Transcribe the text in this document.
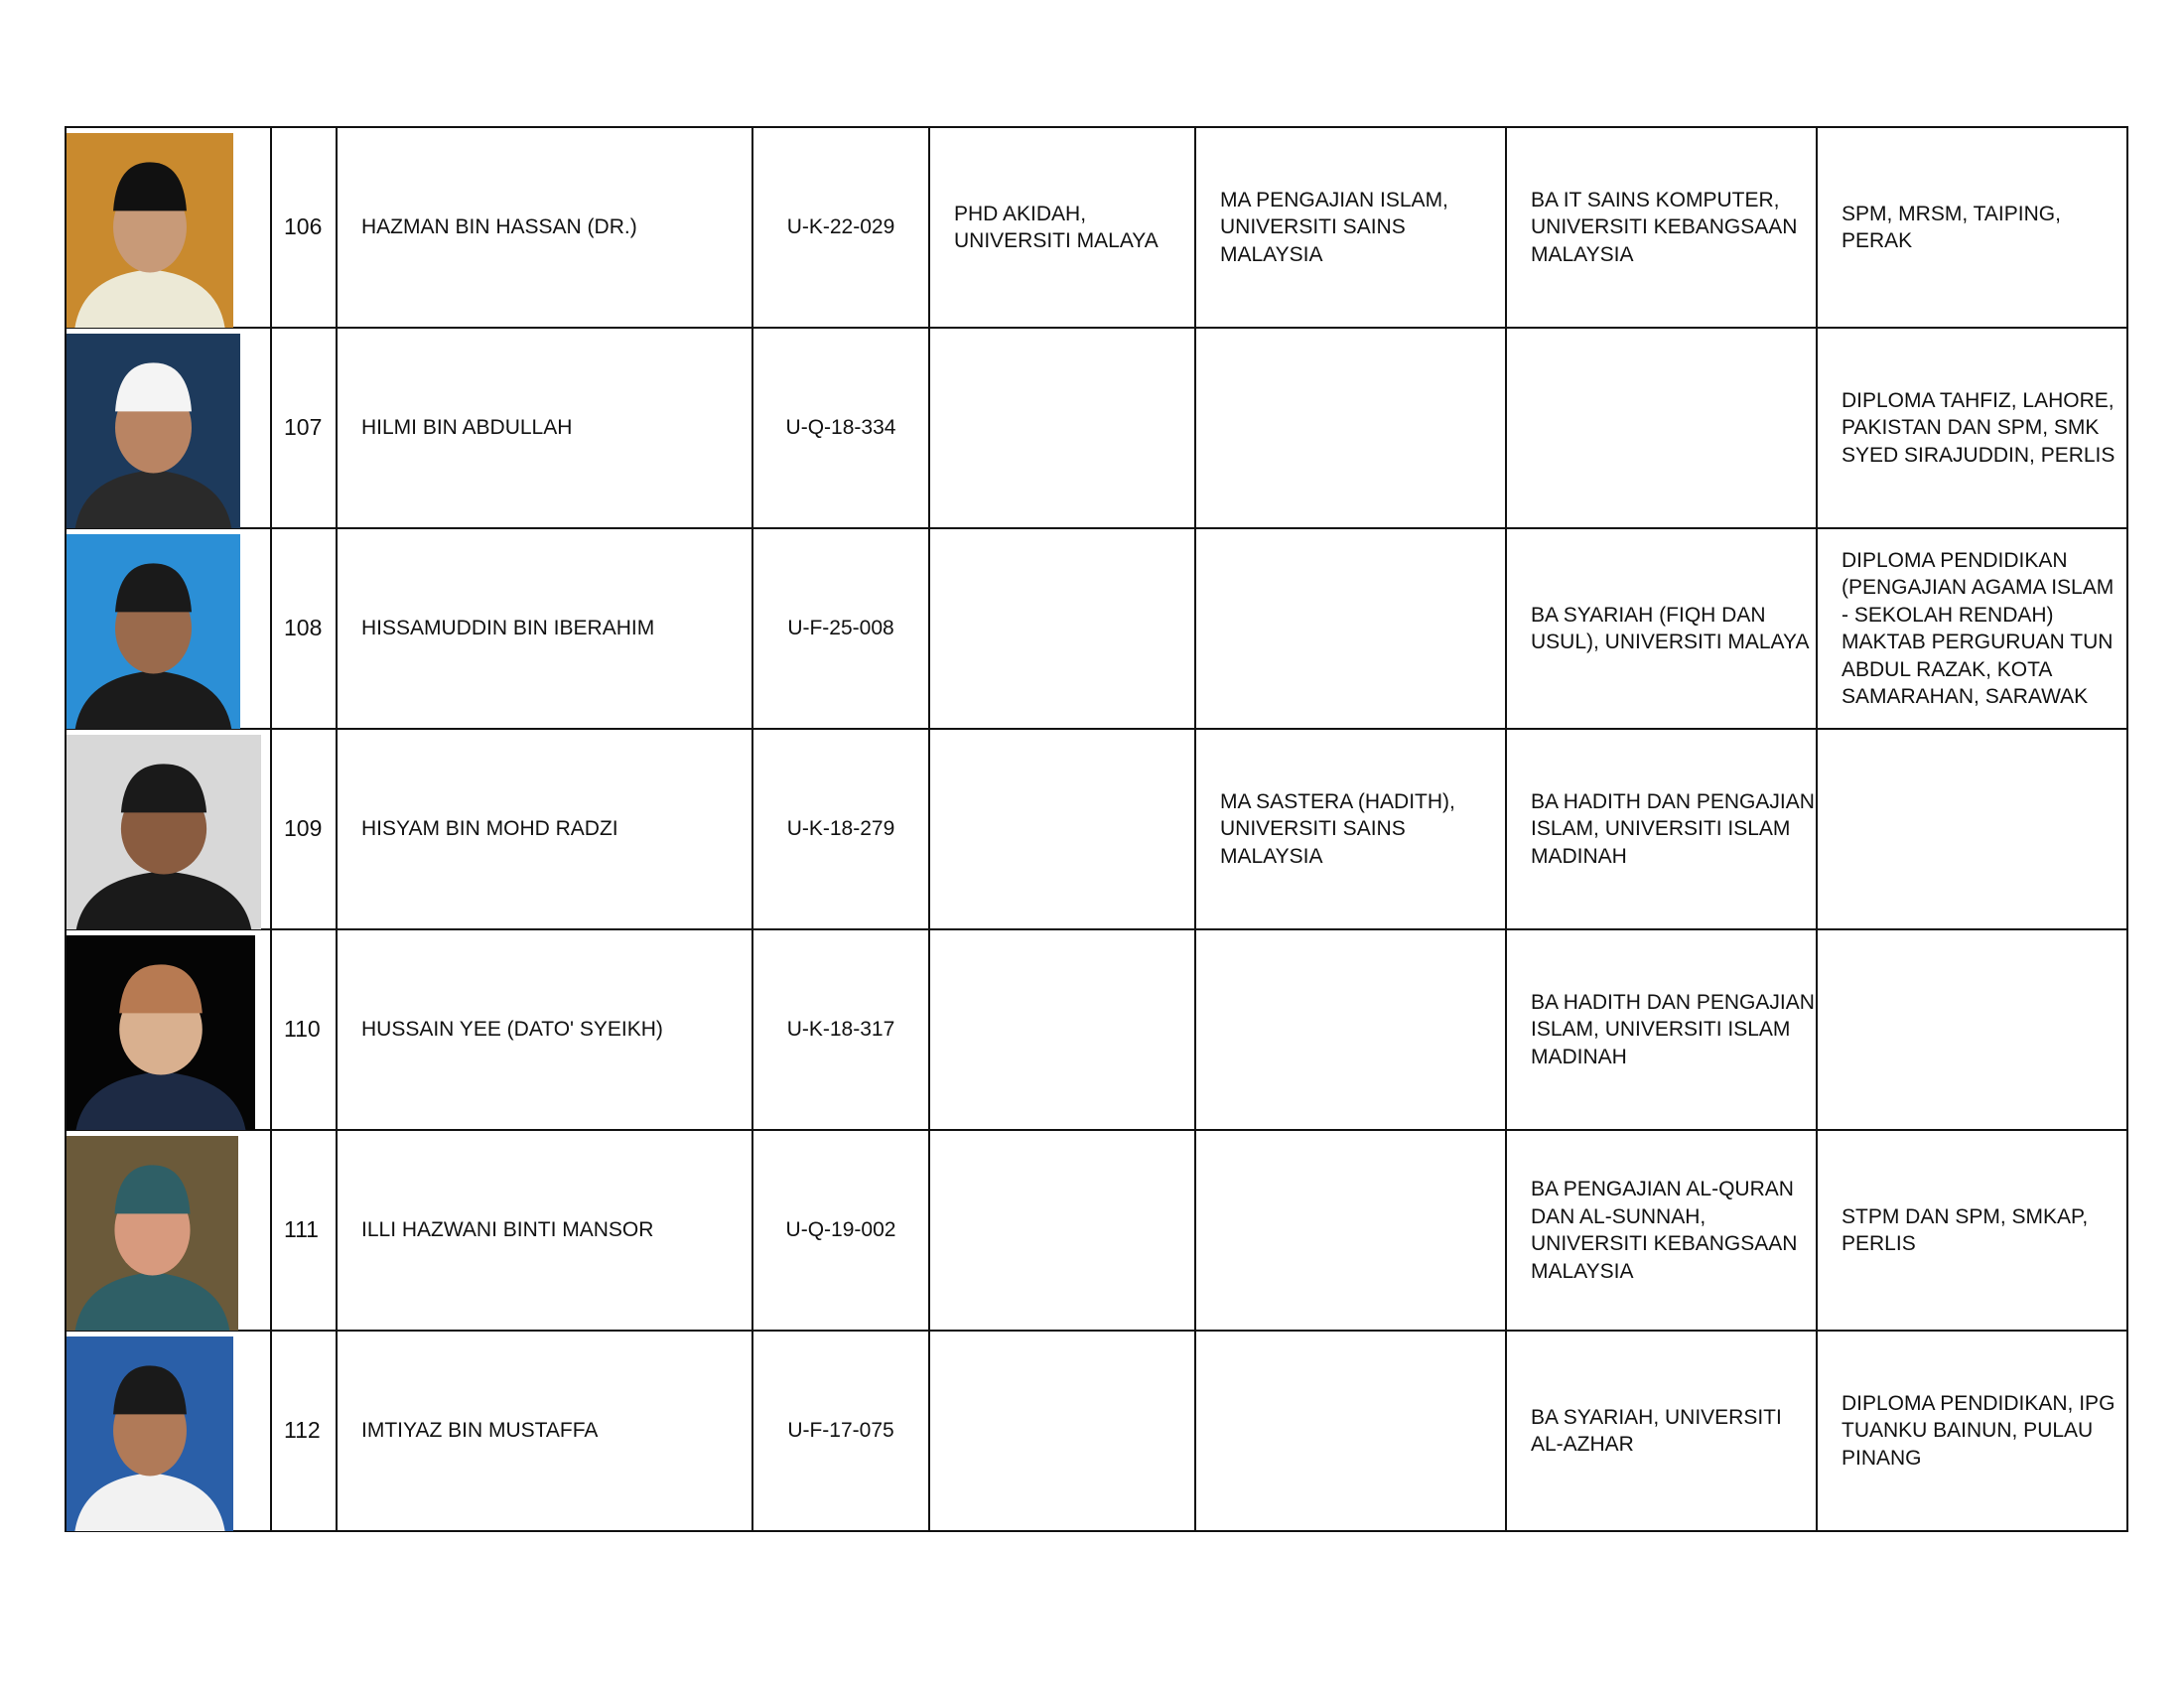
	106	HAZMAN BIN HASSAN (DR.)	U-K-22-029	PHD AKIDAH, UNIVERSITI MALAYA	MA PENGAJIAN ISLAM, UNIVERSITI SAINS MALAYSIA	BA IT SAINS KOMPUTER, UNIVERSITI KEBANGSAAN MALAYSIA	SPM, MRSM, TAIPING, PERAK

	107	HILMI BIN ABDULLAH	U-Q-18-334				DIPLOMA TAHFIZ, LAHORE, PAKISTAN DAN SPM, SMK SYED SIRAJUDDIN, PERLIS

	108	HISSAMUDDIN BIN IBERAHIM	U-F-25-008			BA SYARIAH (FIQH DAN USUL), UNIVERSITI MALAYA	DIPLOMA PENDIDIKAN (PENGAJIAN AGAMA ISLAM - SEKOLAH RENDAH) MAKTAB PERGURUAN TUN ABDUL RAZAK, KOTA SAMARAHAN, SARAWAK

	109	HISYAM BIN MOHD RADZI	U-K-18-279		MA SASTERA (HADITH), UNIVERSITI SAINS MALAYSIA	BA HADITH DAN PENGAJIAN ISLAM, UNIVERSITI ISLAM MADINAH	

	110	HUSSAIN YEE (DATO' SYEIKH)	U-K-18-317			BA HADITH DAN PENGAJIAN ISLAM, UNIVERSITI ISLAM MADINAH	

	111	ILLI HAZWANI BINTI MANSOR	U-Q-19-002			BA PENGAJIAN AL-QURAN DAN AL-SUNNAH, UNIVERSITI KEBANGSAAN MALAYSIA	STPM DAN SPM, SMKAP, PERLIS

	112	IMTIYAZ BIN MUSTAFFA	U-F-17-075			BA SYARIAH, UNIVERSITI AL-AZHAR	DIPLOMA PENDIDIKAN, IPG TUANKU BAINUN, PULAU PINANG
